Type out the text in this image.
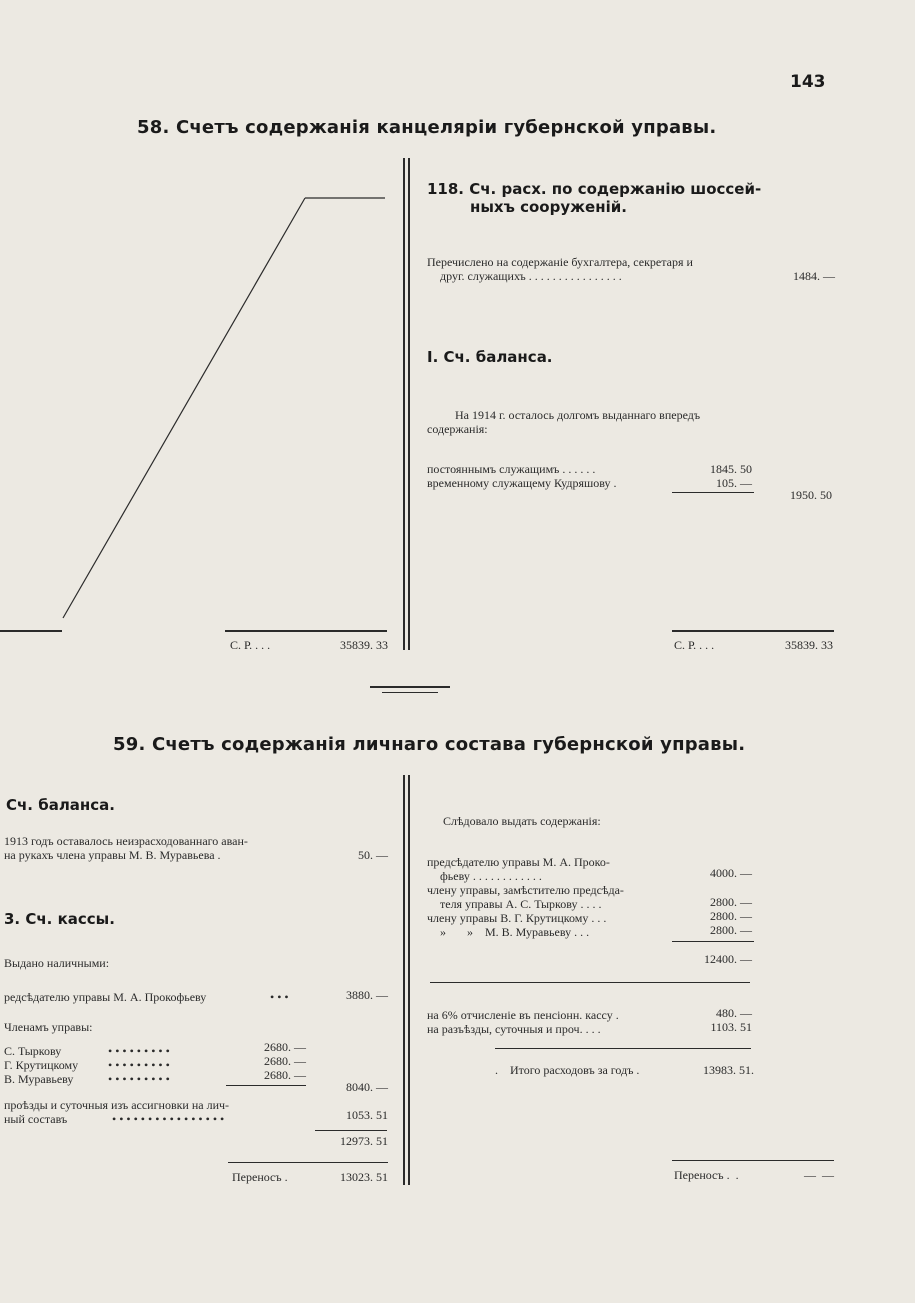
143
58. Счетъ содержанія канцеляріи губернской управы.
С. Р. . . .	35839. 33
118. Сч. расх. по содержанію шоссей-
ныхъ сооруженій.
Перечислено на содержаніе бухгалтера, секретаря и
друг. служащихъ . . . . . . . . . . . . . . . .	1484. —
I. Сч. баланса.
На 1914 г. осталось долгомъ выданнаго впередъ
содержанія:
постояннымъ служащимъ . . . . . .	1845. 50
временному служащему Кудряшову .	105. —
1950. 50
С. Р. . . .	35839. 33
59. Счетъ содержанія личнаго состава губернской управы.
Сч. баланса.
1913 годъ оставалось неизрасходованнаго аван-
на рукахъ члена управы М. В. Муравьева .	50. —
3. Сч. кассы.
Выдано наличными:
редсѣдателю управы М. А. Прокофьеву	• • •	3880. —
Членамъ управы:
С. Тыркову	• • • • • • • • •	2680. —
Г. Крутицкому • • • • • • • • •	2680. —
В. Муравьеву	• • • • • • • • •	2680. —
8040. —
проѣзды и суточныя изъ ассигновки на лич-
ный составъ	• • • • • • • • • • • • • • • •	1053. 51
12973. 51
Переносъ .	13023. 51
Слѣдовало выдать содержанія:
предсѣдателю управы М. А. Проко-
фьеву . . . . . . . . . . . .	4000. —
члену управы, замѣстителю предсѣда-
теля управы А. С. Тыркову . . . .	2800. —
члену управы В. Г. Крутицкому . . .	2800. —
»       »    М. В. Муравьеву . . .	2800. —
12400. —
на 6% отчисленіе въ пенсіонн. кассу .	480. —
на разъѣзды, суточныя и проч. . . .	1103. 51
. Итого расходовъ за годъ .	13983. 51.
Переносъ .  .	—  —
